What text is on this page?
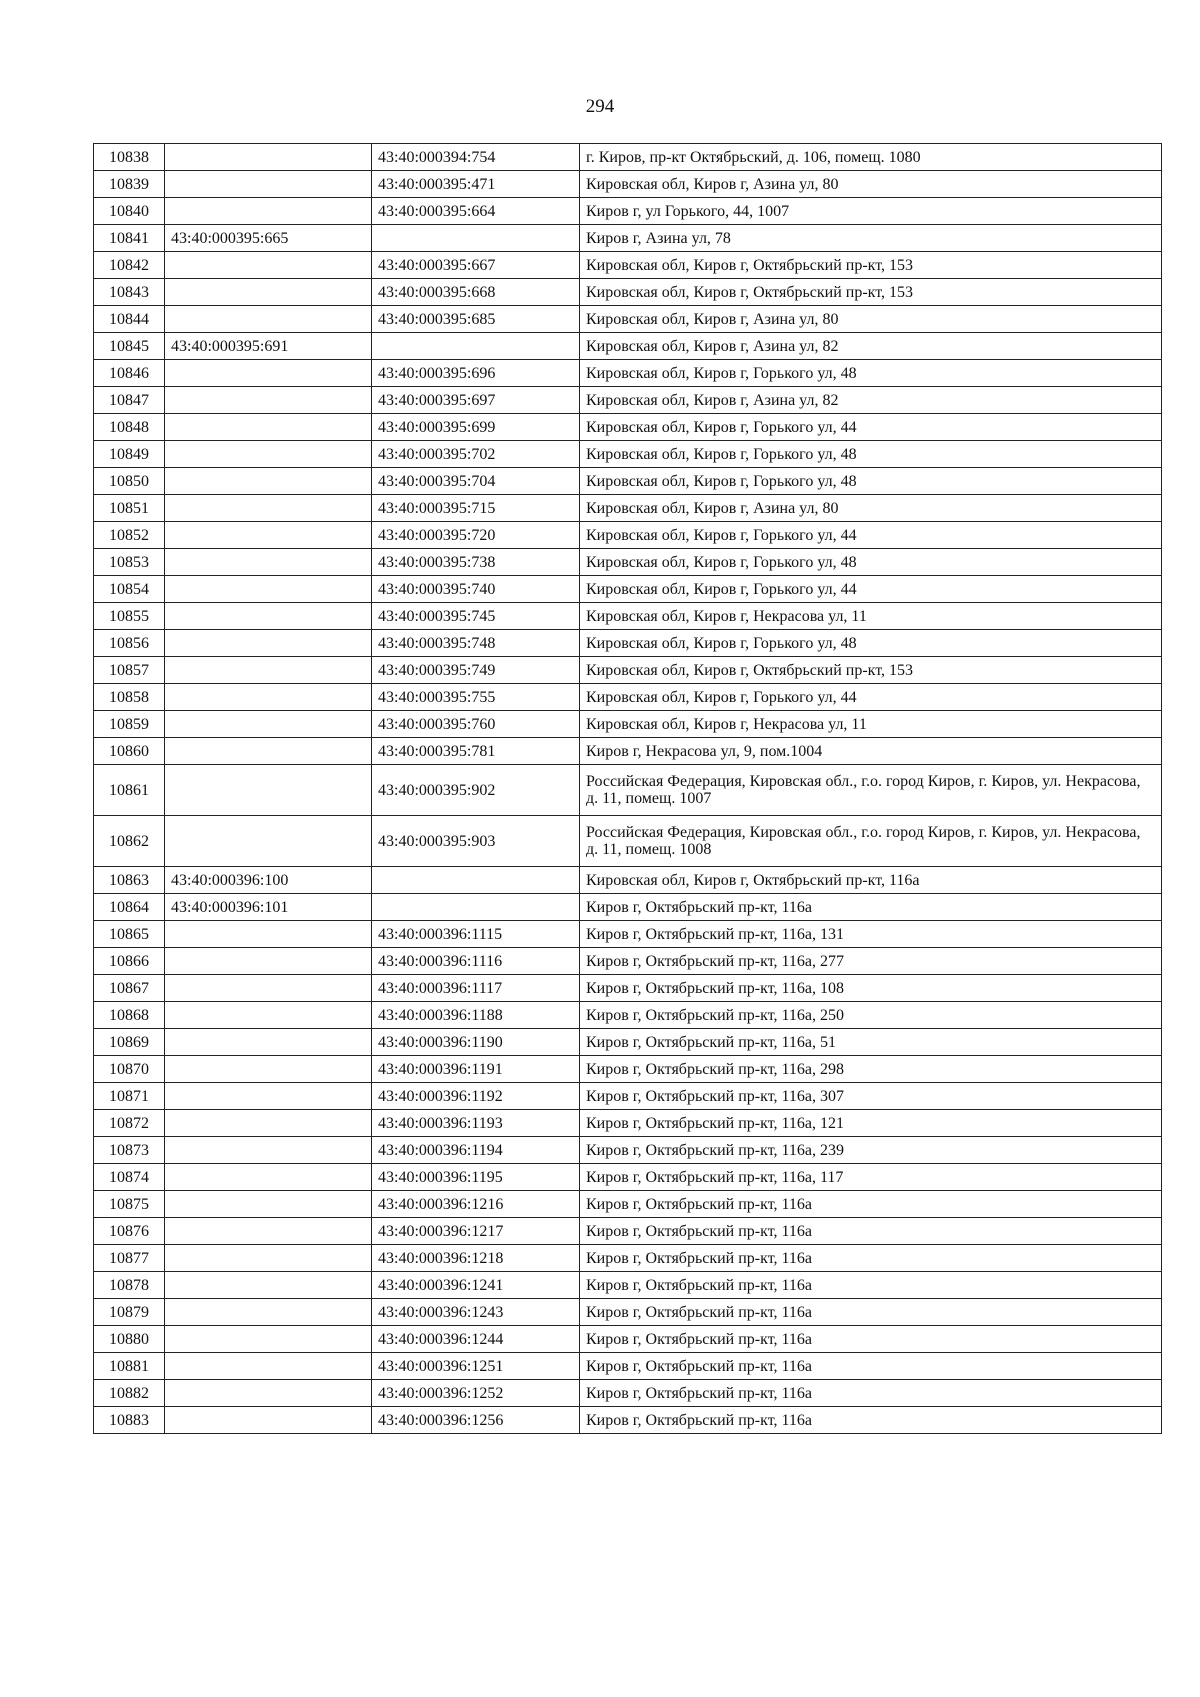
294
10838		43:40:000394:754	г. Киров, пр-кт Октябрьский, д. 106, помещ. 1080
10839		43:40:000395:471	Кировская обл, Киров г, Азина ул, 80
10840		43:40:000395:664	Киров г, ул Горького, 44, 1007
10841	43:40:000395:665		Киров г, Азина ул, 78
10842		43:40:000395:667	Кировская обл, Киров г, Октябрьский пр-кт, 153
10843		43:40:000395:668	Кировская обл, Киров г, Октябрьский пр-кт, 153
10844		43:40:000395:685	Кировская обл, Киров г, Азина ул, 80
10845	43:40:000395:691		Кировская обл, Киров г, Азина ул, 82
10846		43:40:000395:696	Кировская обл, Киров г, Горького ул, 48
10847		43:40:000395:697	Кировская обл, Киров г, Азина ул, 82
10848		43:40:000395:699	Кировская обл, Киров г, Горького ул, 44
10849		43:40:000395:702	Кировская обл, Киров г, Горького ул, 48
10850		43:40:000395:704	Кировская обл, Киров г, Горького ул, 48
10851		43:40:000395:715	Кировская обл, Киров г, Азина ул, 80
10852		43:40:000395:720	Кировская обл, Киров г, Горького ул, 44
10853		43:40:000395:738	Кировская обл, Киров г, Горького ул, 48
10854		43:40:000395:740	Кировская обл, Киров г, Горького ул, 44
10855		43:40:000395:745	Кировская обл, Киров г, Некрасова ул, 11
10856		43:40:000395:748	Кировская обл, Киров г, Горького ул, 48
10857		43:40:000395:749	Кировская обл, Киров г, Октябрьский пр-кт, 153
10858		43:40:000395:755	Кировская обл, Киров г, Горького ул, 44
10859		43:40:000395:760	Кировская обл, Киров г, Некрасова ул, 11
10860		43:40:000395:781	Киров г, Некрасова ул, 9, пом.1004
10861		43:40:000395:902	Российская Федерация, Кировская обл., г.о. город Киров, г. Киров, ул. Некрасова, д. 11, помещ. 1007
10862		43:40:000395:903	Российская Федерация, Кировская обл., г.о. город Киров, г. Киров, ул. Некрасова, д. 11, помещ. 1008
10863	43:40:000396:100		Кировская обл, Киров г, Октябрьский пр-кт, 116а
10864	43:40:000396:101		Киров г, Октябрьский пр-кт, 116а
10865		43:40:000396:1115	Киров г, Октябрьский пр-кт, 116а, 131
10866		43:40:000396:1116	Киров г, Октябрьский пр-кт, 116а, 277
10867		43:40:000396:1117	Киров г, Октябрьский пр-кт, 116а, 108
10868		43:40:000396:1188	Киров г, Октябрьский пр-кт, 116а, 250
10869		43:40:000396:1190	Киров г, Октябрьский пр-кт, 116а, 51
10870		43:40:000396:1191	Киров г, Октябрьский пр-кт, 116а, 298
10871		43:40:000396:1192	Киров г, Октябрьский пр-кт, 116а, 307
10872		43:40:000396:1193	Киров г, Октябрьский пр-кт, 116а, 121
10873		43:40:000396:1194	Киров г, Октябрьский пр-кт, 116а, 239
10874		43:40:000396:1195	Киров г, Октябрьский пр-кт, 116а, 117
10875		43:40:000396:1216	Киров г, Октябрьский пр-кт, 116а
10876		43:40:000396:1217	Киров г, Октябрьский пр-кт, 116а
10877		43:40:000396:1218	Киров г, Октябрьский пр-кт, 116а
10878		43:40:000396:1241	Киров г, Октябрьский пр-кт, 116а
10879		43:40:000396:1243	Киров г, Октябрьский пр-кт, 116а
10880		43:40:000396:1244	Киров г, Октябрьский пр-кт, 116а
10881		43:40:000396:1251	Киров г, Октябрьский пр-кт, 116а
10882		43:40:000396:1252	Киров г, Октябрьский пр-кт, 116а
10883		43:40:000396:1256	Киров г, Октябрьский пр-кт, 116а
